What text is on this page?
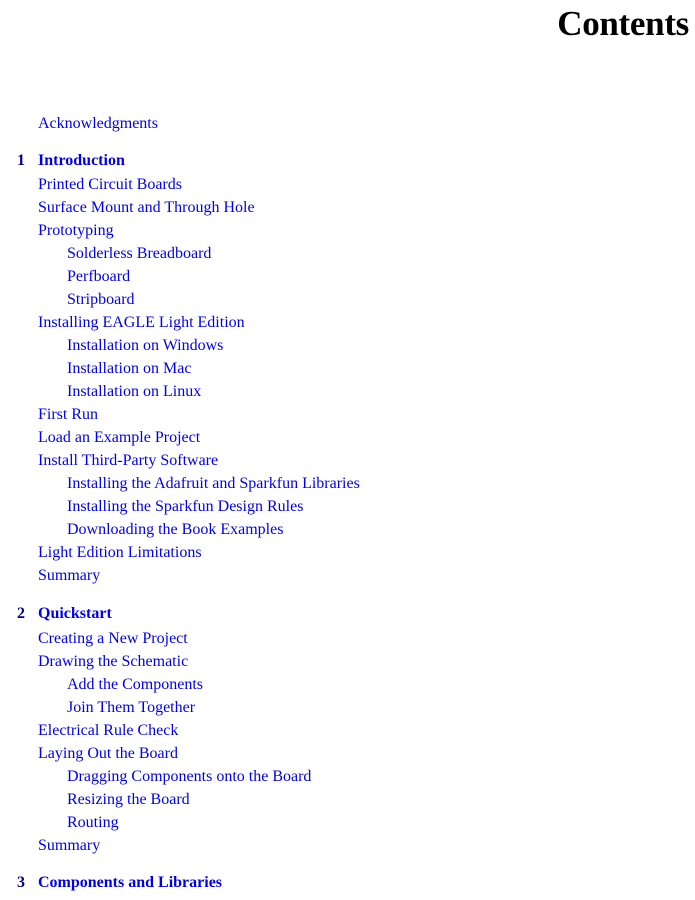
Contents
Acknowledgments
1 Introduction
Printed Circuit Boards
Surface Mount and Through Hole
Prototyping
Solderless Breadboard
Perfboard
Stripboard
Installing EAGLE Light Edition
Installation on Windows
Installation on Mac
Installation on Linux
First Run
Load an Example Project
Install Third-Party Software
Installing the Adafruit and Sparkfun Libraries
Installing the Sparkfun Design Rules
Downloading the Book Examples
Light Edition Limitations
Summary
2 Quickstart
Creating a New Project
Drawing the Schematic
Add the Components
Join Them Together
Electrical Rule Check
Laying Out the Board
Dragging Components onto the Board
Resizing the Board
Routing
Summary
3 Components and Libraries
